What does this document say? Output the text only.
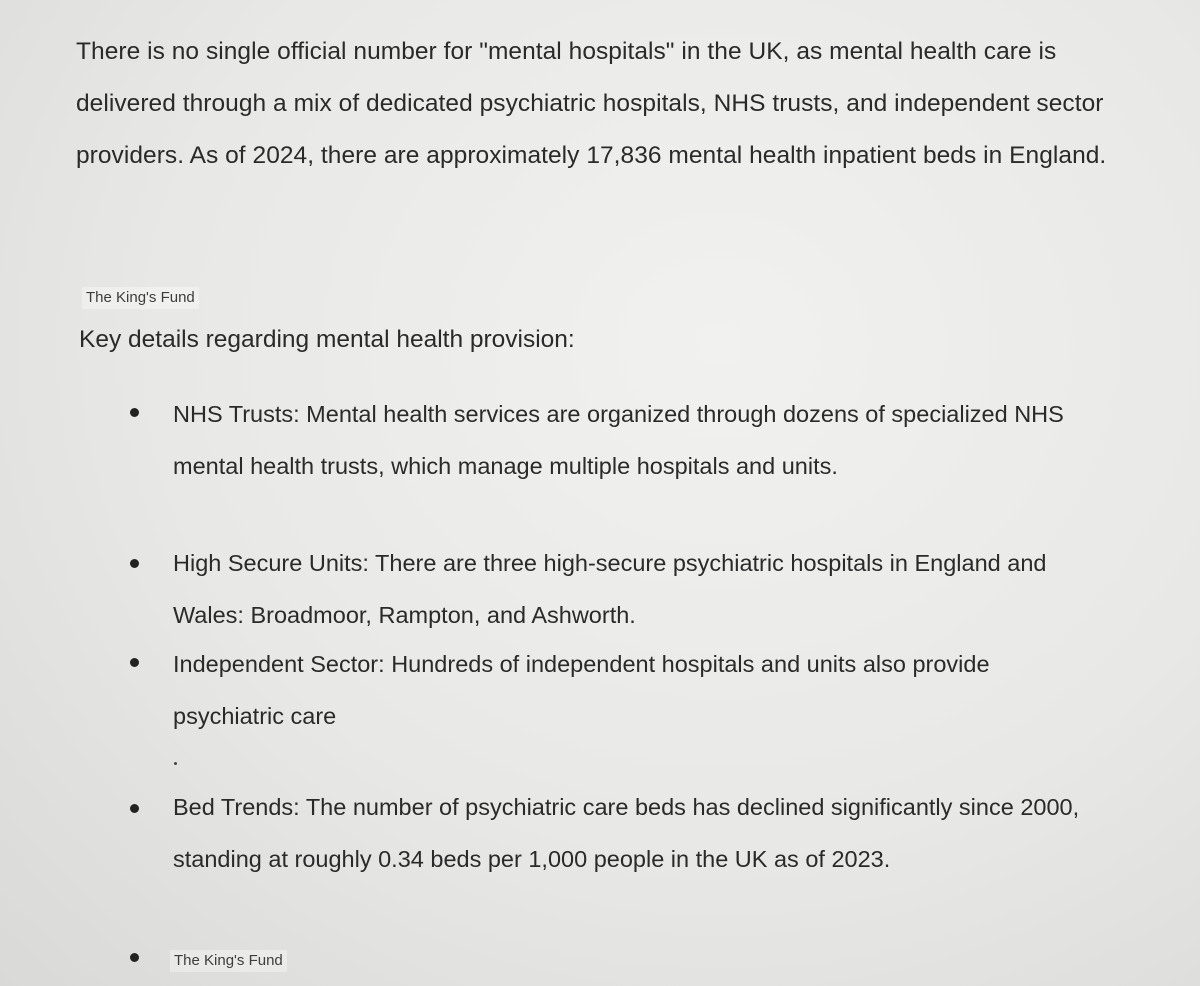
There is no single official number for "mental hospitals" in the UK, as mental health care is delivered through a mix of dedicated psychiatric hospitals, NHS trusts, and independent sector providers. As of 2024, there are approximately 17,836 mental health inpatient beds in England.

The King's Fund

Key details regarding mental health provision:

NHS Trusts: Mental health services are organized through dozens of specialized NHS mental health trusts, which manage multiple hospitals and units.
High Secure Units: There are three high-secure psychiatric hospitals in England and Wales: Broadmoor, Rampton, and Ashworth.
Independent Sector: Hundreds of independent hospitals and units also provide psychiatric care
Bed Trends: The number of psychiatric care beds has declined significantly since 2000, standing at roughly 0.34 beds per 1,000 people in the UK as of 2023.
The King's Fund
